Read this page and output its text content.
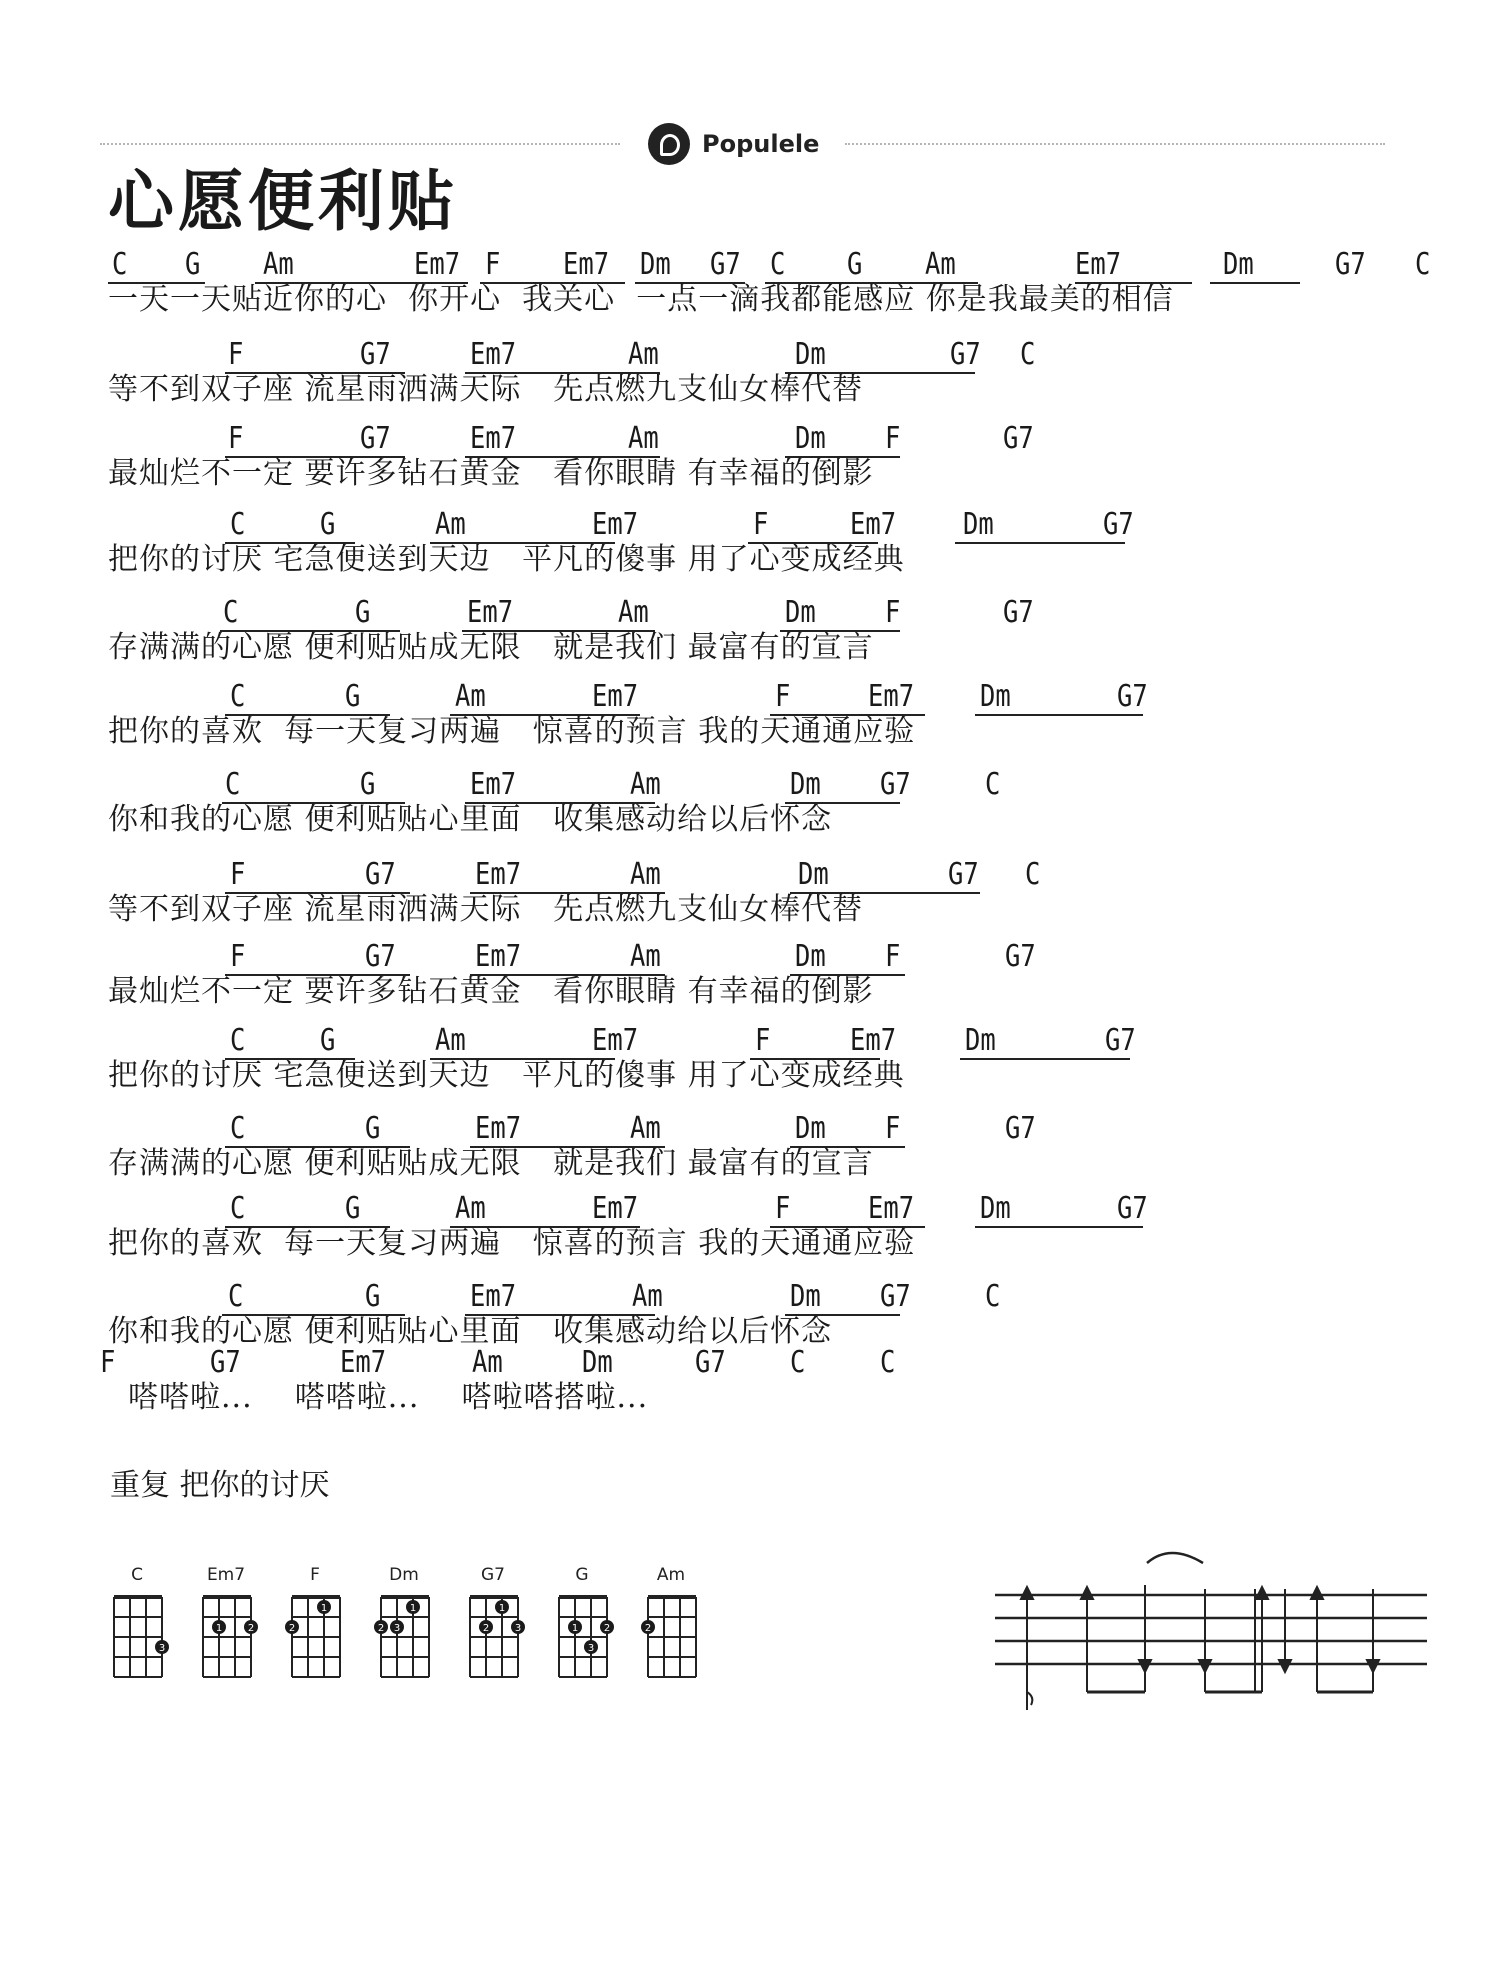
Populele
心愿便利贴
C G Am	Em7 F Em7 Dm G7 C G Am	Em7	Dm	G7 C
一天一天贴近你的心  你开心  我关心  一点一滴我都能感应 你是我最美的相信
F	G7	Em7	Am	Dm	G7 C
等不到双子座 流星雨洒满天际   先点燃九支仙女棒代替
F	G7	Em7	Am	Dm F	G7
最灿烂不一定 要许多钻石黄金   看你眼睛 有幸福的倒影
C G	Am	Em7	F	Em7 Dm	G7
把你的讨厌 宅急便送到天边   平凡的傻事 用了心变成经典
C	G	Em7	Am	Dm F	G7
存满满的心愿 便利贴贴成无限   就是我们 最富有的宣言
C	G	Am	Em7	F	Em7 Dm	G7
把你的喜欢  每一天复习两遍   惊喜的预言 我的天通通应验
C	G	Em7	Am	Dm G7 C
你和我的心愿 便利贴贴心里面   收集感动给以后怀念
F	G7	Em7	Am	Dm	G7 C
等不到双子座 流星雨洒满天际   先点燃九支仙女棒代替
F	G7	Em7	Am	Dm F	G7
最灿烂不一定 要许多钻石黄金   看你眼睛 有幸福的倒影
C G	Am	Em7	F	Em7 Dm	G7
把你的讨厌 宅急便送到天边   平凡的傻事 用了心变成经典
C	G	Em7	Am	Dm F	G7
存满满的心愿 便利贴贴成无限   就是我们 最富有的宣言
C	G	Am	Em7	F	Em7 Dm	G7
把你的喜欢  每一天复习两遍   惊喜的预言 我的天通通应验
C	G	Em7	Am	Dm G7 C
你和我的心愿 便利贴贴心里面   收集感动给以后怀念
F	G7	Em7	Am	Dm	G7 C C
嗒嗒啦...    嗒嗒啦...    嗒啦嗒搭啦...
重复 把你的讨厌
C
3
Em7
1	2
F
2
1
Dm
2 3
1
G7
2
1
3
G
1
3
2
Am
2
